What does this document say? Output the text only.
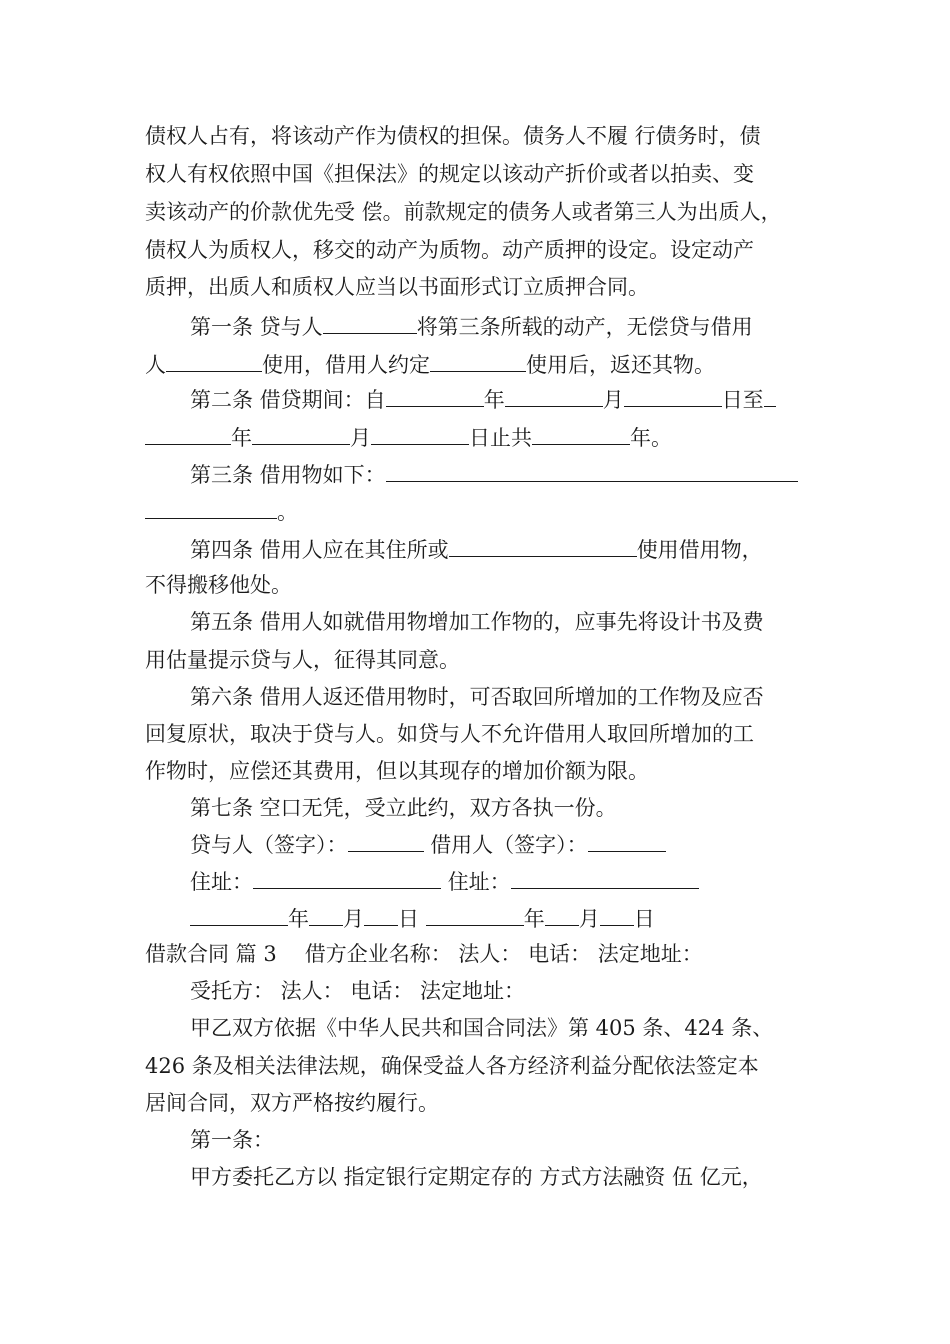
债权人占有，将该动产作为债权的担保。债务人不履 行债务时，债
权人有权依照中国《担保法》的规定以该动产折价或者以拍卖、变
卖该动产的价款优先受 偿。前款规定的债务人或者第三人为出质人，
债权人为质权人，移交的动产为质物。动产质押的设定。设定动产
质押，出质人和质权人应当以书面形式订立质押合同。
第一条 贷与人	将第三条所载的动产，无偿贷与借用
人	使用，借用人约定	使用后，返还其物。
第二条 借贷期间：自	年	月	日至
年	月	日止共	年。
第三条 借用物如下：
。
第四条 借用人应在其住所或	使用借用物，
不得搬移他处。
第五条 借用人如就借用物增加工作物的，应事先将设计书及费
用估量提示贷与人，征得其同意。
第六条 借用人返还借用物时，可否取回所增加的工作物及应否
回复原状，取决于贷与人。如贷与人不允许借用人取回所增加的工
作物时，应偿还其费用，但以其现存的增加价额为限。
第七条 空口无凭，受立此约，双方各执一份。
贷与人（签字）：	借用人（签字）：
住址：	住址：
年 月 日	年 月 日
借款合同 篇 3 借方企业名称： 法人： 电话： 法定地址：
受托方： 法人： 电话： 法定地址：
甲乙双方依据《中华人民共和国合同法》第 405 条、424 条、
426 条及相关法律法规，确保受益人各方经济利益分配依法签定本
居间合同，双方严格按约履行。
第一条：
甲方委托乙方以 指定银行定期定存的 方式方法融资 伍 亿元，
